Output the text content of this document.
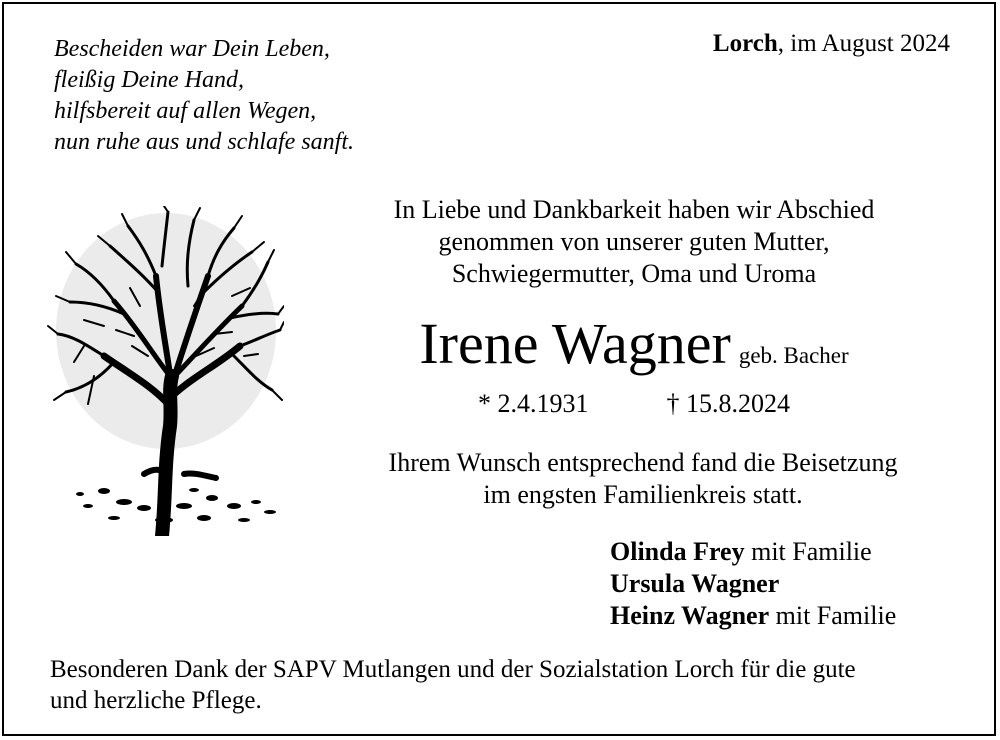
Bescheiden war Dein Leben,
fleißig Deine Hand,
hilfsbereit auf allen Wegen,
nun ruhe aus und schlafe sanft.
Lorch, im August 2024
In Liebe und Dankbarkeit haben wir Abschied
genommen von unserer guten Mutter,
Schwiegermutter, Oma und Uroma
Irene Wagner geb. Bacher
* 2.4.1931	† 15.8.2024
Ihrem Wunsch entsprechend fand die Beisetzung
im engsten Familienkreis statt.
Olinda Frey mit Familie
Ursula Wagner
Heinz Wagner mit Familie
Besonderen Dank der SAPV Mutlangen und der Sozialstation Lorch für die gute
und herzliche Pflege.
